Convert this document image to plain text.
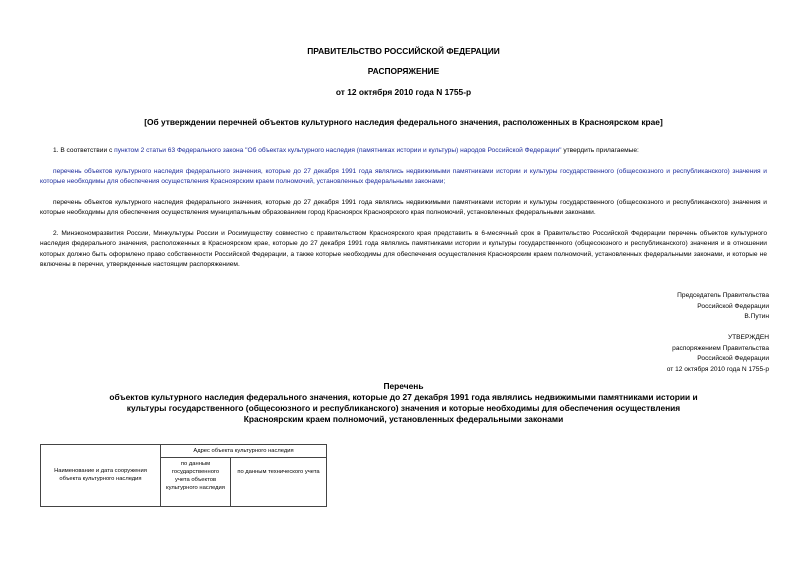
ПРАВИТЕЛЬСТВО РОССИЙСКОЙ ФЕДЕРАЦИИ
РАСПОРЯЖЕНИЕ
от 12 октября 2010 года N 1755-р
[Об утверждении перечней объектов культурного наследия федерального значения, расположенных в Красноярском крае]

1. В соответствии с пунктом 2 статьи 63 Федерального закона "Об объектах культурного наследия (памятниках истории и культуры) народов Российской Федерации" утвердить прилагаемые:

перечень объектов культурного наследия федерального значения, которые до 27 декабря 1991 года являлись недвижимыми памятниками истории и культуры государственного (общесоюзного и республиканского) значения и которые необходимы для обеспечения осуществления Красноярским краем полномочий, установленных федеральными законами;

перечень объектов культурного наследия федерального значения, которые до 27 декабря 1991 года являлись недвижимыми памятниками истории и культуры государственного (общесоюзного и республиканского) значения и которые необходимы для обеспечения осуществления муниципальным образованием город Красноярск Красноярского края полномочий, установленных федеральными законами.

2. Минэкономразвития России, Минкультуры России и Росимуществу совместно с правительством Красноярского края представить в 6-месячный срок в Правительство Российской Федерации перечень объектов культурного наследия федерального значения, расположенных в Красноярском крае, которые до 27 декабря 1991 года являлись памятниками истории и культуры государственного (общесоюзного и республиканского) значения и в отношении которых должно быть оформлено право собственности Российской Федерации, а также которые необходимы для обеспечения осуществления Красноярским краем полномочий, установленных федеральными законами, и которые не включены в перечни, утвержденные настоящим распоряжением.

Председатель Правительства
Российской Федерации
В.Путин
УТВЕРЖДЕН
распоряжением Правительства
Российской Федерации
от 12 октября 2010 года N 1755-р
Перечень
объектов культурного наследия федерального значения, которые до 27 декабря 1991 года являлись недвижимыми памятниками истории и культуры государственного (общесоюзного и республиканского) значения и которые необходимы для обеспечения осуществления Красноярским краем полномочий, установленных федеральными законами
Наименование и дата сооружения объекта культурного наследия	Адрес объекта культурного наследия	
	по данным государственного учета объектов культурного наследия	по данным технического учета
